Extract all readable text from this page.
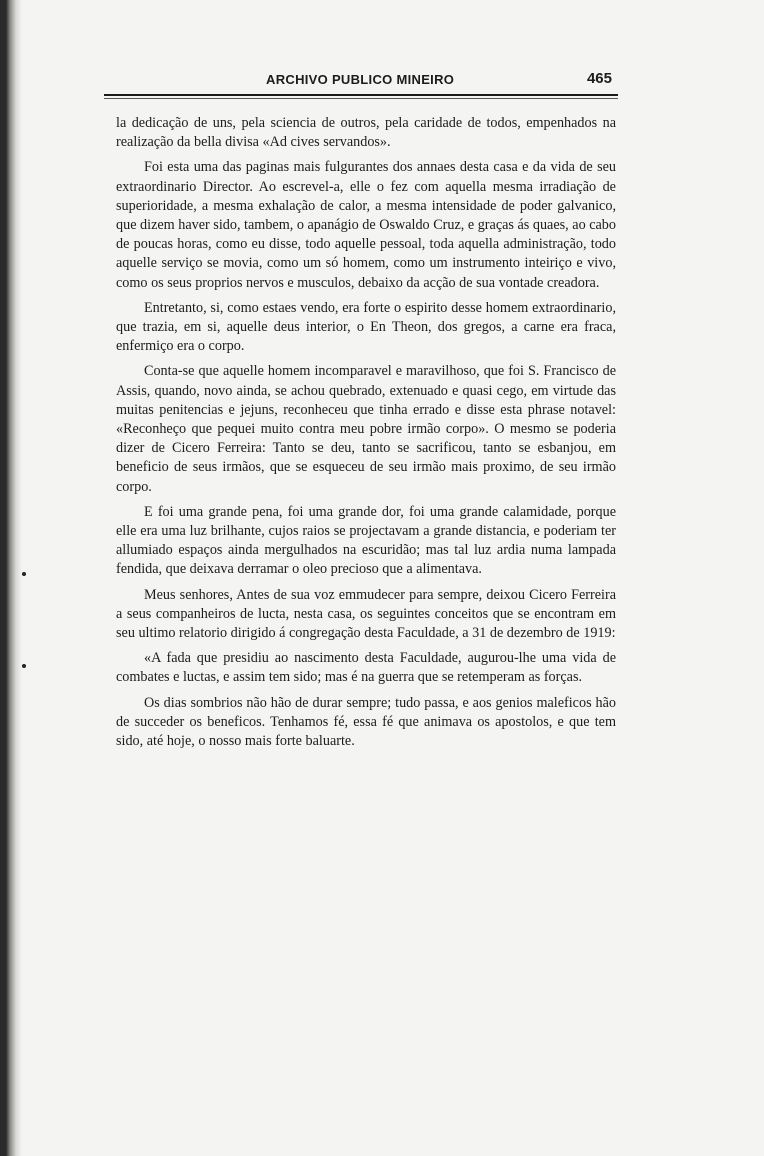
ARCHIVO PUBLICO MINEIRO	465

la dedicação de uns, pela sciencia de outros, pela caridade de todos, empenhados na realização da bella divisa «Ad cives servandos».

Foi esta uma das paginas mais fulgurantes dos annaes desta casa e da vida de seu extraordinario Director. Ao escrevel-a, elle o fez com aquella mesma irradiação de superioridade, a mesma exhalação de calor, a mesma intensidade de poder galvanico, que dizem haver sido, tambem, o apanágio de Oswaldo Cruz, e graças ás quaes, ao cabo de poucas horas, como eu disse, todo aquelle pessoal, toda aquella administração, todo aquelle serviço se movia, como um só homem, como um instrumento inteiriço e vivo, como os seus proprios nervos e musculos, debaixo da acção de sua vontade creadora.

Entretanto, si, como estaes vendo, era forte o espirito desse homem extraordinario, que trazia, em si, aquelle deus interior, o En Theon, dos gregos, a carne era fraca, enfermiço era o corpo.

Conta-se que aquelle homem incomparavel e maravilhoso, que foi S. Francisco de Assis, quando, novo ainda, se achou quebrado, extenuado e quasi cego, em virtude das muitas penitencias e jejuns, reconheceu que tinha errado e disse esta phrase notavel: «Reconheço que pequei muito contra meu pobre irmão corpo». O mesmo se poderia dizer de Cicero Ferreira: Tanto se deu, tanto se sacrificou, tanto se esbanjou, em beneficio de seus irmãos, que se esqueceu de seu irmão mais proximo, de seu irmão corpo.

E foi uma grande pena, foi uma grande dor, foi uma grande calamidade, porque elle era uma luz brilhante, cujos raios se projectavam a grande distancia, e poderiam ter allumiado espaços ainda mergulhados na escuridão; mas tal luz ardia numa lampada fendida, que deixava derramar o oleo precioso que a alimentava.

Meus senhores, Antes de sua voz emmudecer para sempre, deixou Cicero Ferreira a seus companheiros de lucta, nesta casa, os seguintes conceitos que se encontram em seu ultimo relatorio dirigido á congregação desta Faculdade, a 31 de dezembro de 1919:

«A fada que presidiu ao nascimento desta Faculdade, augurou-lhe uma vida de combates e luctas, e assim tem sido; mas é na guerra que se retemperam as forças.

Os dias sombrios não hão de durar sempre; tudo passa, e aos genios maleficos hão de succeder os beneficos. Tenhamos fé, essa fé que animava os apostolos, e que tem sido, até hoje, o nosso mais forte baluarte.
